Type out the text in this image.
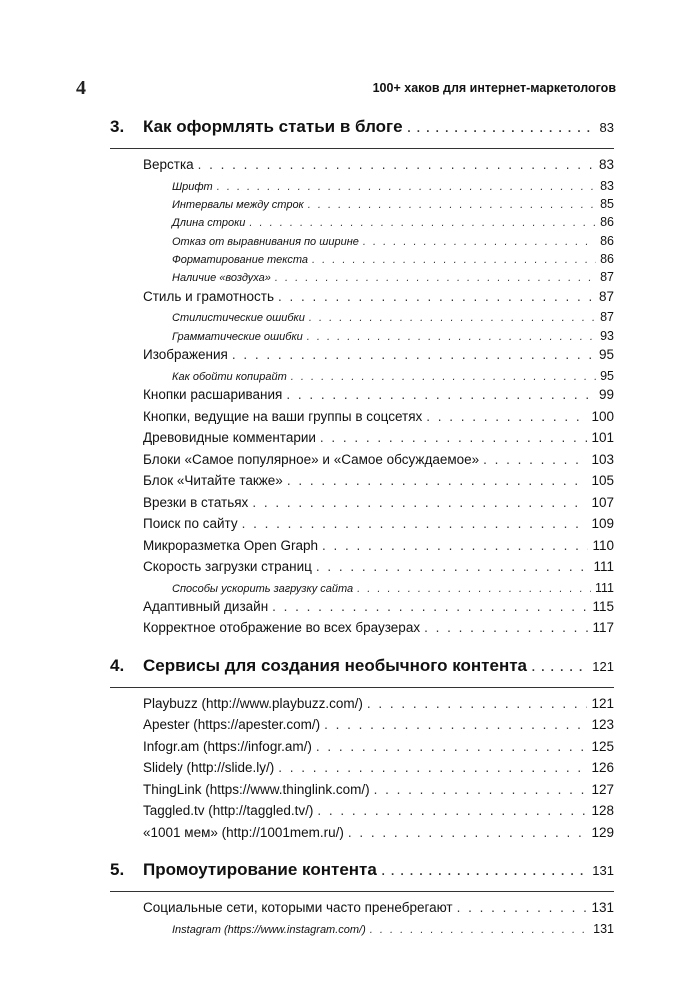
4	100+ хаков для интернет-маркетологов
3.	Как оформлять статьи в блоге . . .	83
Верстка . . .	83
Шрифт . . .	83
Интервалы между строк . . .	85
Длина строки . . .	86
Отказ от выравнивания по ширине . . .	86
Форматирование текста . . .	86
Наличие «воздуха» . . .	87
Стиль и грамотность . . .	87
Стилистические ошибки . . .	87
Грамматические ошибки . . .	93
Изображения . . .	95
Как обойти копирайт . . .	95
Кнопки расшаривания . . .	99
Кнопки, ведущие на ваши группы в соцсетях . . .	100
Древовидные комментарии . . .	101
Блоки «Самое популярное» и «Самое обсуждаемое» . . .	103
Блок «Читайте также» . . .	105
Врезки в статьях . . .	107
Поиск по сайту . . .	109
Микроразметка Open Graph . . .	110
Скорость загрузки страниц . . .	111
Способы ускорить загрузку сайта . . .	111
Адаптивный дизайн . . .	115
Корректное отображение во всех браузерах . . .	117
4.	Сервисы для создания необычного контента . . .	121
Playbuzz (http://www.playbuzz.com/) . . .	121
Apester (https://apester.com/) . . .	123
Infogr.am (https://infogr.am/) . . .	125
Slidely (http://slide.ly/) . . .	126
ThingLink (https://www.thinglink.com/) . . .	127
Taggled.tv (http://taggled.tv/) . . .	128
«1001 мем» (http://1001mem.ru/) . . .	129
5.	Промоутирование контента . . .	131
Социальные сети, которыми часто пренебрегают . . .	131
Instagram (https://www.instagram.com/) . . .	131
